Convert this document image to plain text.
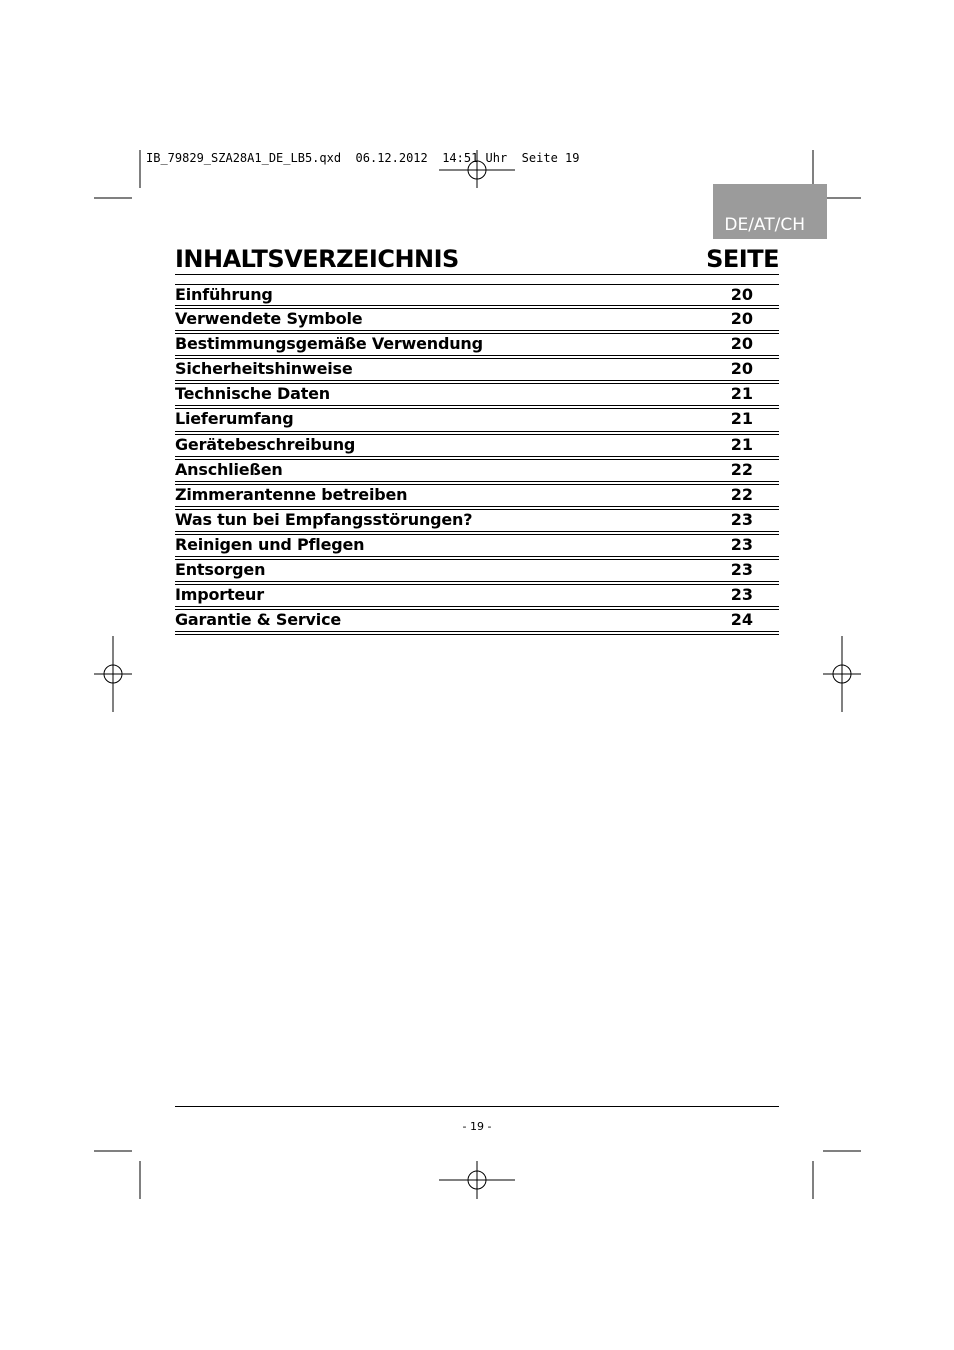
IB_79829_SZA28A1_DE_LB5.qxd  06.12.2012  14:51 Uhr  Seite 19
DE/AT/CH
INHALTSVERZEICHNIS	SEITE
Einführung	20
Verwendete Symbole	20
Bestimmungsgemäße Verwendung	20
Sicherheitshinweise	20
Technische Daten	21
Lieferumfang	21
Gerätebeschreibung	21
Anschließen	22
Zimmerantenne betreiben	22
Was tun bei Empfangsstörungen?	23
Reinigen und Pflegen	23
Entsorgen	23
Importeur	23
Garantie & Service	24
- 19 -
